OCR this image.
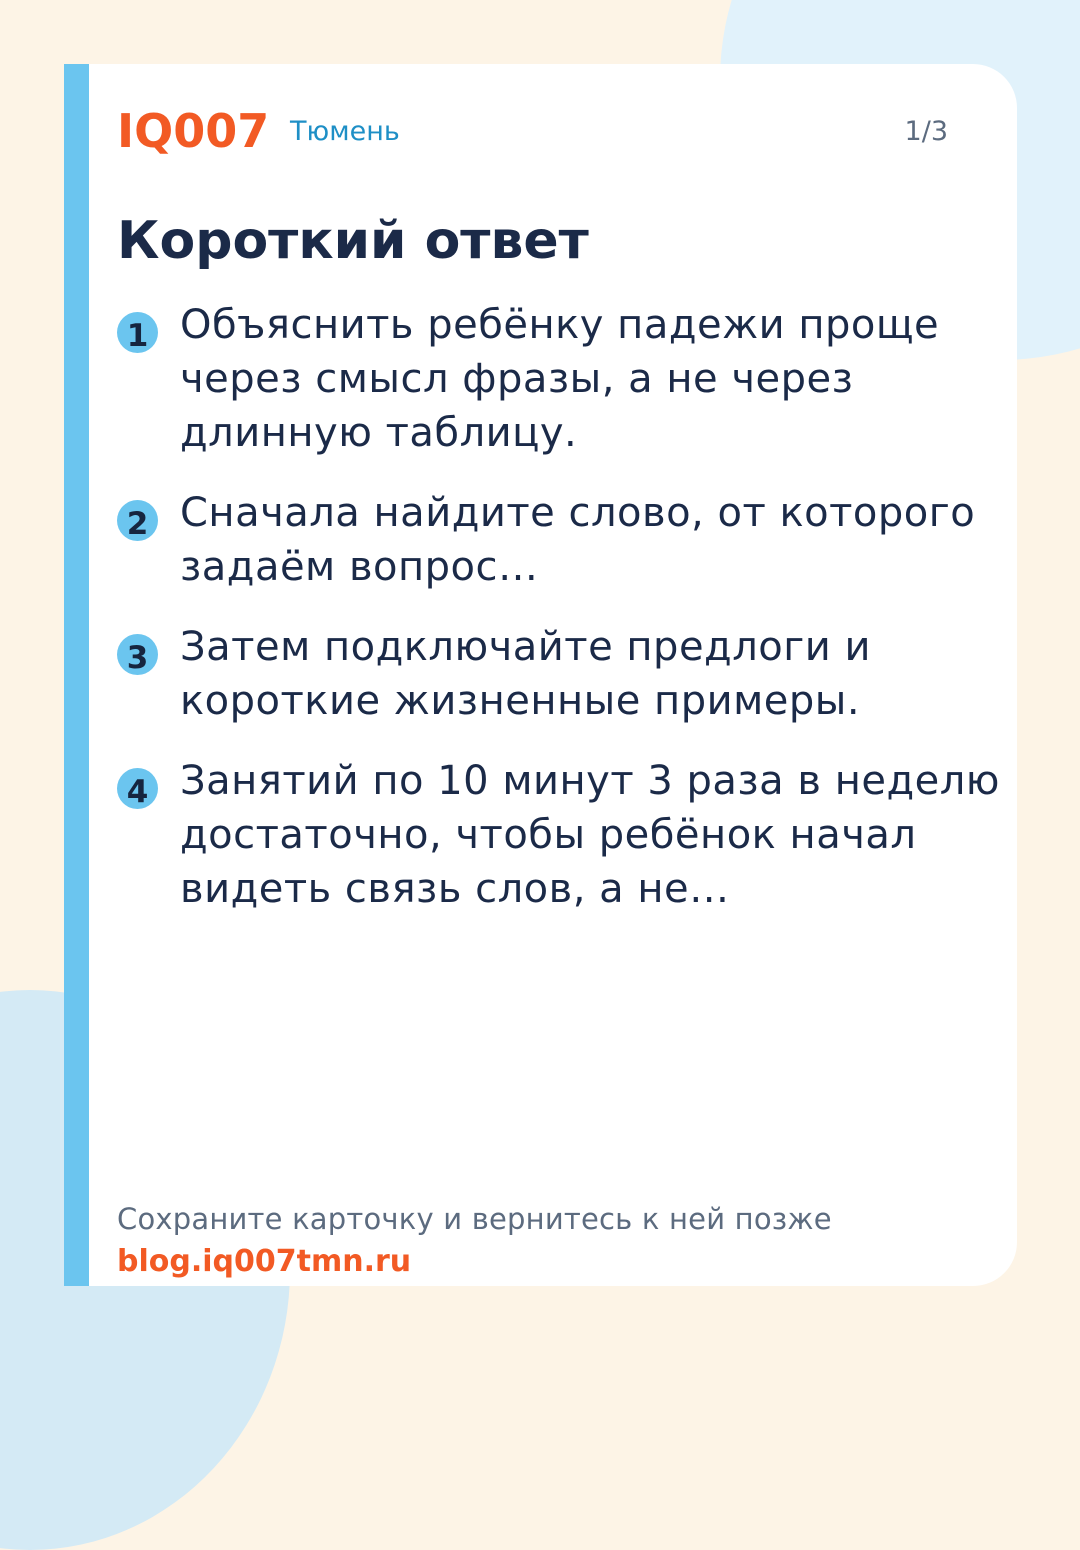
IQ007 Тюмень	1/3
Короткий ответ
1 Объяснить ребёнку падежи проще через смысл фразы, а не через длинную таблицу.
2 Сначала найдите слово, от которого задаём вопрос…
3 Затем подключайте предлоги и короткие жизненные примеры.
4 Занятий по 10 минут 3 раза в неделю достаточно, чтобы ребёнок начал видеть связь слов, а не…
Сохраните карточку и вернитесь к ней позже
blog.iq007tmn.ru
